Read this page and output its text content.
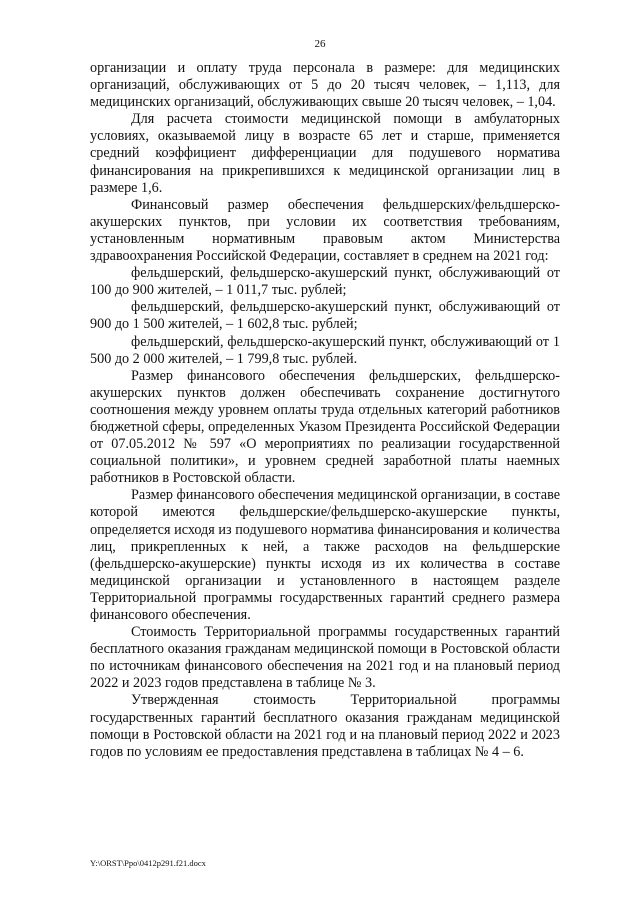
26

организации и оплату труда персонала в размере: для медицинских организаций, обслуживающих от 5 до 20 тысяч человек, – 1,113, для медицинских организаций, обслуживающих свыше 20 тысяч человек, – 1,04.

Для расчета стоимости медицинской помощи в амбулаторных условиях, оказываемой лицу в возрасте 65 лет и старше, применяется средний коэффициент дифференциации для подушевого норматива финансирования на прикрепившихся к медицинской организации лиц в размере 1,6.

Финансовый размер обеспечения фельдшерских/фельдшерско-акушерских пунктов, при условии их соответствия требованиям, установленным нормативным правовым актом Министерства здравоохранения Российской Федерации, составляет в среднем на 2021 год:

фельдшерский, фельдшерско-акушерский пункт, обслуживающий от 100 до 900 жителей, – 1 011,7 тыс. рублей;

фельдшерский, фельдшерско-акушерский пункт, обслуживающий от 900 до 1 500 жителей, – 1 602,8 тыс. рублей;

фельдшерский, фельдшерско-акушерский пункт, обслуживающий от 1 500 до 2 000 жителей, – 1 799,8 тыс. рублей.

Размер финансового обеспечения фельдшерских, фельдшерско-акушерских пунктов должен обеспечивать сохранение достигнутого соотношения между уровнем оплаты труда отдельных категорий работников бюджетной сферы, определенных Указом Президента Российской Федерации от 07.05.2012 № 597 «О мероприятиях по реализации государственной социальной политики», и уровнем средней заработной платы наемных работников в Ростовской области.

Размер финансового обеспечения медицинской организации, в составе которой имеются фельдшерские/фельдшерско-акушерские пункты, определяется исходя из подушевого норматива финансирования и количества лиц, прикрепленных к ней, а также расходов на фельдшерские (фельдшерско-акушерские) пункты исходя из их количества в составе медицинской организации и установленного в настоящем разделе Территориальной программы государственных гарантий среднего размера финансового обеспечения.

Стоимость Территориальной программы государственных гарантий бесплатного оказания гражданам медицинской помощи в Ростовской области по источникам финансового обеспечения на 2021 год и на плановый период 2022 и 2023 годов представлена в таблице № 3.

Утвержденная стоимость Территориальной программы государственных гарантий бесплатного оказания гражданам медицинской помощи в Ростовской области на 2021 год и на плановый период 2022 и 2023 годов по условиям ее предоставления представлена в таблицах № 4 – 6.

Y:\ORST\Ppo\0412p291.f21.docx
